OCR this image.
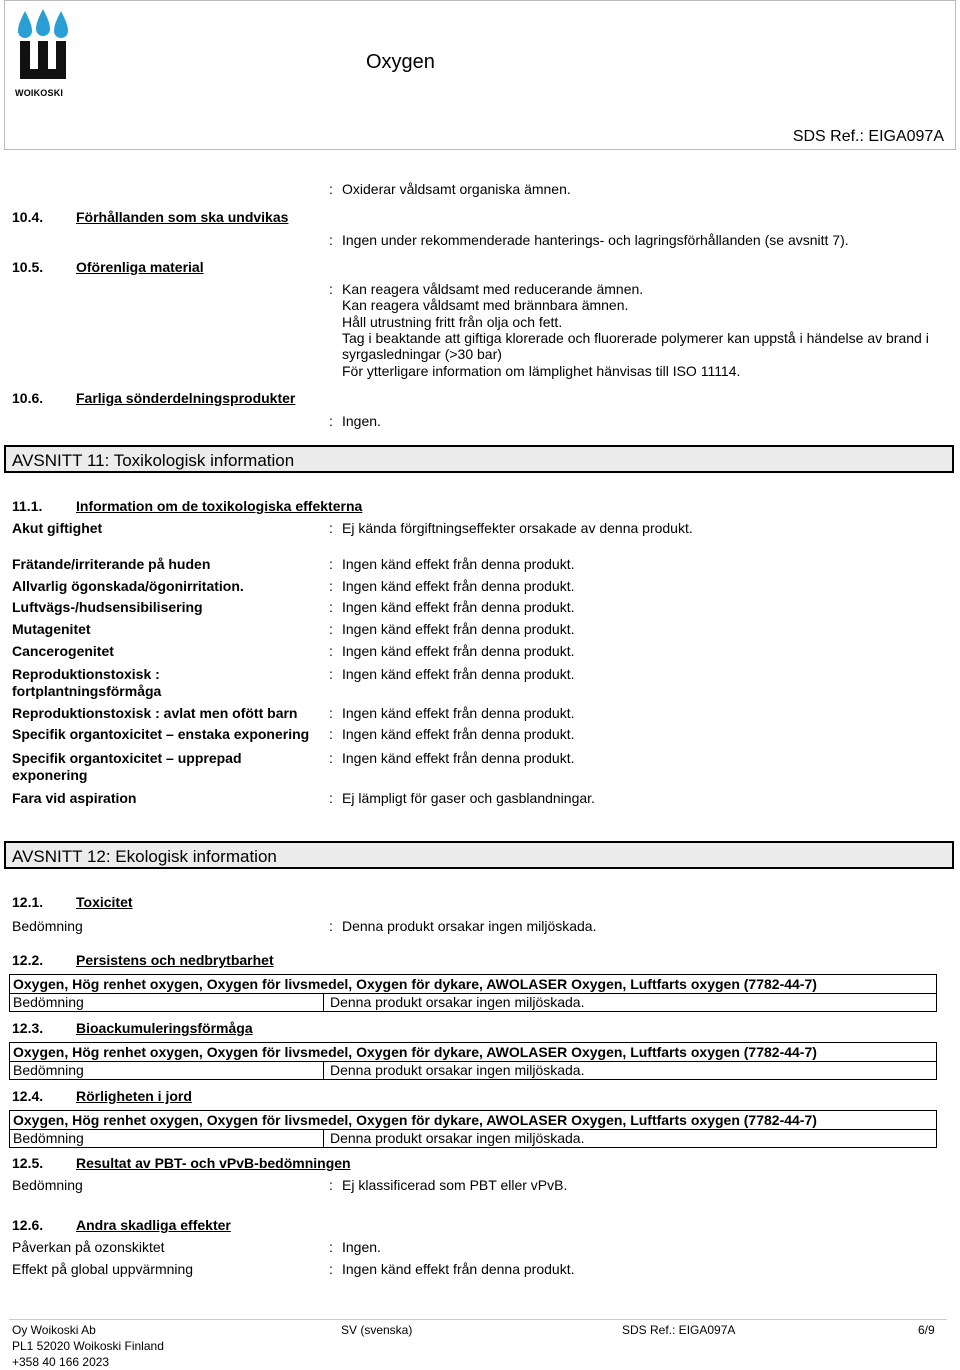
WOIKOSKI
Oxygen
SDS Ref.: EIGA097A
: Oxiderar våldsamt organiska ämnen.
10.4. Förhållanden som ska undvikas
: Ingen under rekommenderade hanterings- och lagringsförhållanden (se avsnitt 7).
10.5. Oförenliga material
: Kan reagera våldsamt med reducerande ämnen.
Kan reagera våldsamt med brännbara ämnen.
Håll utrustning fritt från olja och fett.
Tag i beaktande att giftiga klorerade och fluorerade polymerer kan uppstå i händelse av brand i
syrgasledningar (>30 bar)
För ytterligare information om lämplighet hänvisas till ISO 11114.
10.6. Farliga sönderdelningsprodukter
: Ingen.
AVSNITT 11: Toxikologisk information
11.1. Information om de toxikologiska effekterna
Akut giftighet	: Ej kända förgiftningseffekter orsakade av denna produkt.
Frätande/irriterande på huden	: Ingen känd effekt från denna produkt.
Allvarlig ögonskada/ögonirritation.	: Ingen känd effekt från denna produkt.
Luftvägs-/hudsensibilisering	: Ingen känd effekt från denna produkt.
Mutagenitet	: Ingen känd effekt från denna produkt.
Cancerogenitet	: Ingen känd effekt från denna produkt.
Reproduktionstoxisk :
fortplantningsförmåga
: Ingen känd effekt från denna produkt.
Reproduktionstoxisk : avlat men ofött barn : Ingen känd effekt från denna produkt.
Specifik organtoxicitet – enstaka exponering : Ingen känd effekt från denna produkt.
Specifik organtoxicitet – upprepad
exponering
: Ingen känd effekt från denna produkt.
Fara vid aspiration	: Ej lämpligt för gaser och gasblandningar.
AVSNITT 12: Ekologisk information
12.1. Toxicitet
Bedömning	: Denna produkt orsakar ingen miljöskada.
12.2. Persistens och nedbrytbarhet
Oxygen, Hög renhet oxygen, Oxygen för livsmedel, Oxygen för dykare, AWOLASER Oxygen, Luftfarts oxygen (7782-44-7)
Bedömning	Denna produkt orsakar ingen miljöskada.
12.3. Bioackumuleringsförmåga
Oxygen, Hög renhet oxygen, Oxygen för livsmedel, Oxygen för dykare, AWOLASER Oxygen, Luftfarts oxygen (7782-44-7)
Bedömning	Denna produkt orsakar ingen miljöskada.
12.4. Rörligheten i jord
Oxygen, Hög renhet oxygen, Oxygen för livsmedel, Oxygen för dykare, AWOLASER Oxygen, Luftfarts oxygen (7782-44-7)
Bedömning	Denna produkt orsakar ingen miljöskada.
12.5. Resultat av PBT- och vPvB-bedömningen
Bedömning	: Ej klassificerad som PBT eller vPvB.
12.6. Andra skadliga effekter
Påverkan på ozonskiktet	: Ingen.
Effekt på global uppvärmning	: Ingen känd effekt från denna produkt.
Oy Woikoski Ab
PL1 52020 Woikoski Finland
+358 40 166 2023
SV (svenska)	SDS Ref.: EIGA097A	6/9
